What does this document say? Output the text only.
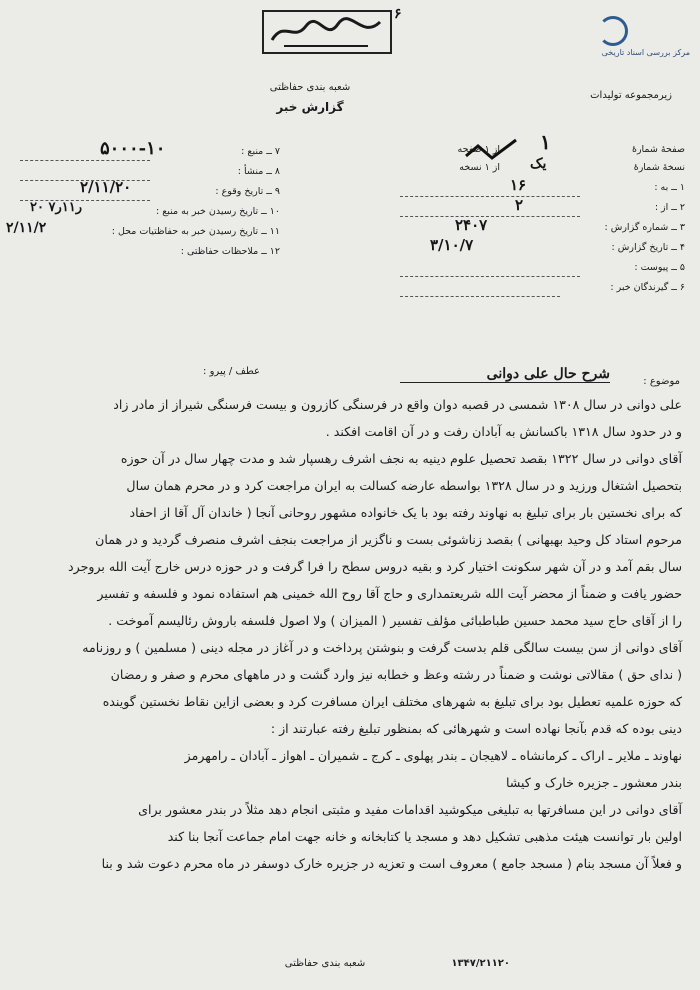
مرکز بررسی اسناد تاریخی
۶
شعبه بندی حفاظتی
گزارش خبر
زیرمجموعه تولیدات
۷ ــ منبع :
۵۰۰۰-۱۰
۸ ــ منشأ :
۹ ــ تاریخ وقوع :
۲/۱۱/۲۰
۱۰ ــ تاریخ رسیدن خبر به منبع :
۲۰ ر۱۱ر۷
۱۱ ــ تاریخ رسیدن خبر به حفاظتیات محل :
۲/۱۱/۲
۱۲ ــ ملاحظات حفاظتی :
صفحهٔ شمارهٔ
۱
از ۱ صفحه
نسخهٔ شمارهٔ
یک
از ۱ نسخه
۱ ــ به :
۱۶
۲ ــ از :
۲
۳ ــ شماره گزارش :
۲۴۰۷
۴ ــ تاریخ گزارش :
۳/۱۰/۷
۵ ــ پیوست :
۶ ــ گیرندگان خبر :
موضوع :
شرح حال علی دوانی
عطف / پیرو :
علی دوانی در سال ۱۳۰۸ شمسی در قصبه دوان واقع در فرسنگی کازرون و بیست فرسنگی شیراز از مادر زاد
و در حدود سال ۱۳۱۸ باکسانش به آبادان رفت و در آن اقامت افکند .
آقای دوانی در سال ۱۳۲۲ بقصد تحصیل علوم دینیه به نجف اشرف رهسپار شد و مدت چهار سال در آن حوزه
بتحصیل اشتغال ورزید و در سال ۱۳۲۸ بواسطه عارضه کسالت به ایران مراجعت کرد و در محرم همان سال
که برای نخستین بار برای تبلیغ به نهاوند رفته بود با یک خانواده مشهور روحانی آنجا ( خاندان آل آقا از احفاد
مرحوم استاد کل وحید بهبهانی ) بقصد زناشوئی بست و ناگزیر از مراجعت بنجف اشرف منصرف گردید و در همان
سال بقم آمد و در آن شهر سکونت اختیار کرد و بقیه دروس سطح را فرا گرفت و در حوزه درس خارج آیت الله بروجرد
حضور یافت و ضمناً از محضر آیت الله شریعتمداری و حاج آقا روح الله خمینی هم استفاده نمود و فلسفه و تفسیر
را از آقای حاج سید محمد حسین طباطبائی مؤلف تفسیر ( المیزان ) ولا اصول فلسفه باروش رئالیسم آموخت .
آقای دوانی از سن بیست سالگی قلم بدست گرفت و بنوشتن پرداخت و در آغاز در مجله دینی ( مسلمین ) و روزنامه
( ندای حق ) مقالاتی نوشت و ضمناً در رشته وعظ و خطابه نیز وارد گشت و در ماههای محرم و صفر و رمضان
که حوزه علمیه تعطیل بود برای تبلیغ به شهرهای مختلف ایران مسافرت کرد و بعضی ازاین نقاط نخستین گوینده
دینی بوده که قدم بآنجا نهاده است و شهرهائی که بمنظور تبلیغ رفته عبارتند از :
نهاوند ـ ملایر ـ اراک ـ کرمانشاه ـ لاهیجان ـ بندر پهلوی ـ کرج ـ شمیران ـ اهواز ـ آبادان ـ رامهرمز
بندر معشور ـ جزیره خارک و کیشا
آقای دوانی در این مسافرتها به تبلیغی میکوشید اقدامات مفید و مثبتی انجام دهد مثلاً در بندر معشور برای
اولین بار توانست هیئت مذهبی تشکیل دهد و مسجد یا کتابخانه و خانه جهت امام جماعت آنجا بنا کند
و فعلاً آن مسجد بنام ( مسجد جامع ) معروف است و تعزیه در جزیره خارک دوسفر در ماه محرم دعوت شد و بنا
شعبه بندی حفاظتی	۱۳۴۷/۲۱۱۲۰
